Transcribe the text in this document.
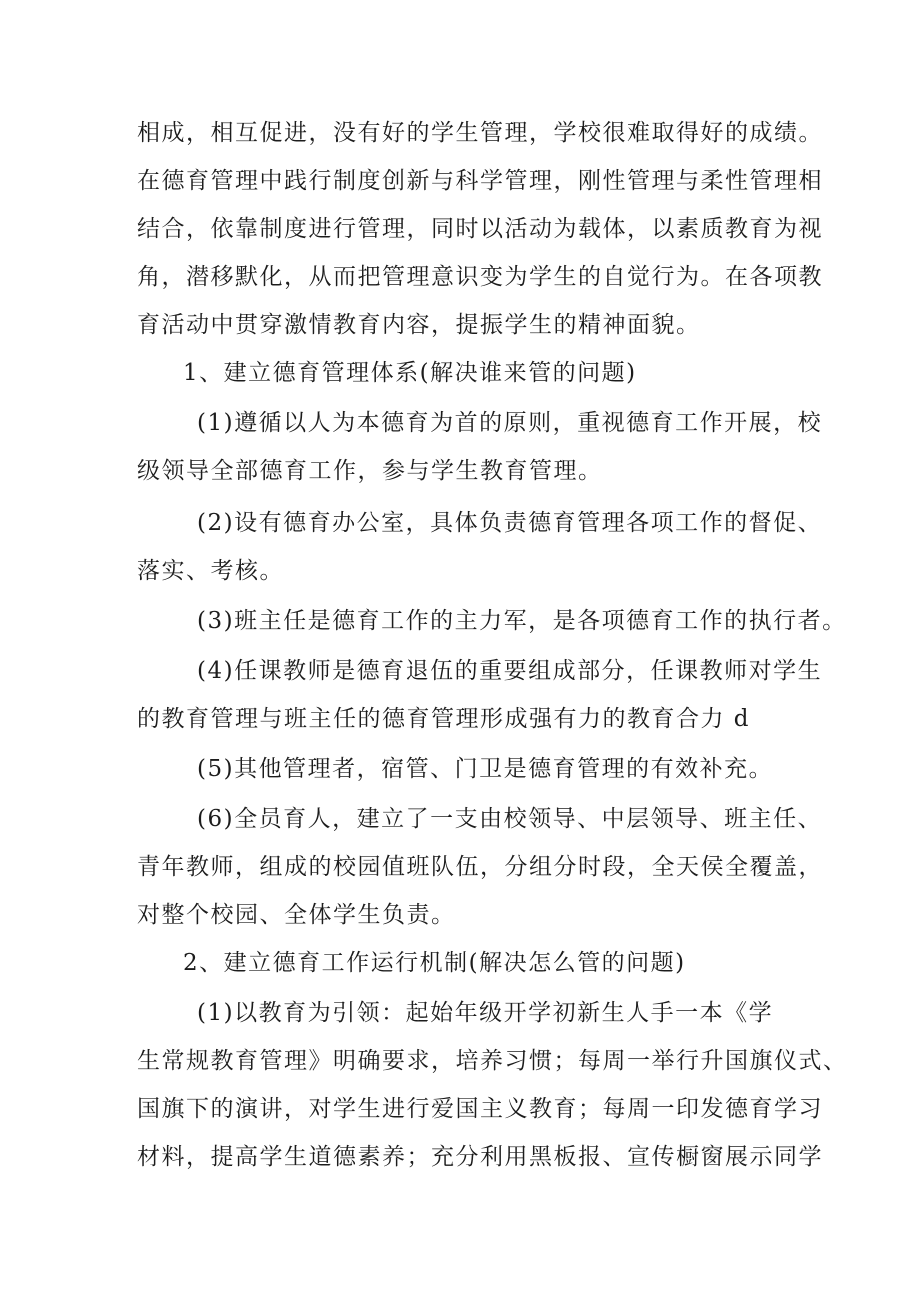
相成，相互促进，没有好的学生管理，学校很难取得好的成绩。
在德育管理中践行制度创新与科学管理，刚性管理与柔性管理相
结合，依靠制度进行管理，同时以活动为载体，以素质教育为视
角，潜移默化，从而把管理意识变为学生的自觉行为。在各项教
育活动中贯穿激情教育内容，提振学生的精神面貌。
1、建立德育管理体系(解决谁来管的问题)
(1)遵循以人为本德育为首的原则，重视德育工作开展，校
级领导全部德育工作，参与学生教育管理。
(2)设有德育办公室，具体负责德育管理各项工作的督促、
落实、考核。
(3)班主任是德育工作的主力军，是各项德育工作的执行者。
(4)任课教师是德育退伍的重要组成部分，任课教师对学生
的教育管理与班主任的德育管理形成强有力的教育合力 d
(5)其他管理者，宿管、门卫是德育管理的有效补充。
(6)全员育人，建立了一支由校领导、中层领导、班主任、
青年教师，组成的校园值班队伍，分组分时段，全天侯全覆盖，
对整个校园、全体学生负责。
2、建立德育工作运行机制(解决怎么管的问题)
(1)以教育为引领：起始年级开学初新生人手一本《学
生常规教育管理》明确要求，培养习惯；每周一举行升国旗仪式、
国旗下的演讲，对学生进行爱国主义教育；每周一印发德育学习
材料，提高学生道德素养；充分利用黑板报、宣传橱窗展示同学
